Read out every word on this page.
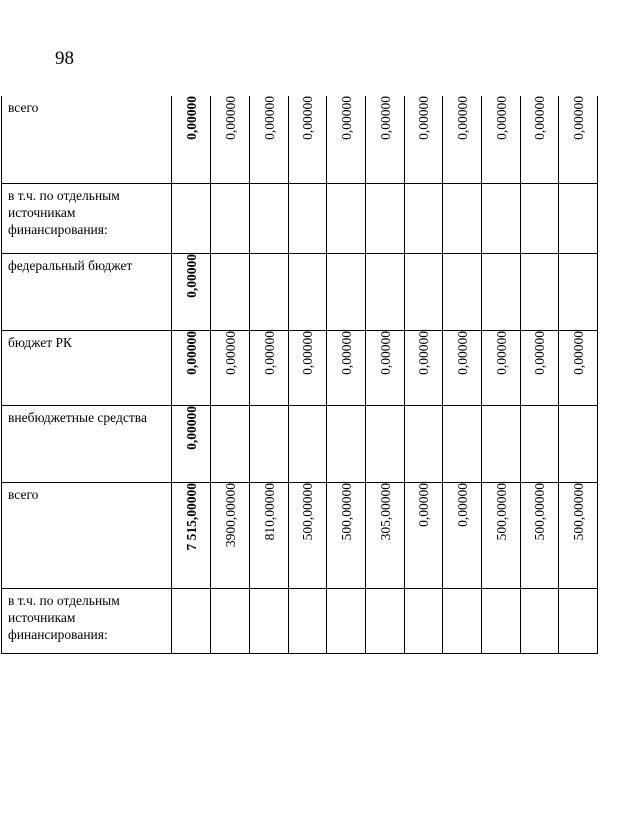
98
всего	0,00000	0,00000	0,00000	0,00000	0,00000	0,00000	0,00000	0,00000	0,00000	0,00000	0,00000

в т.ч. по отдельным источникам финансирования:	

федеральный бюджет	0,00000										

бюджет РК	0,00000	0,00000	0,00000	0,00000	0,00000	0,00000	0,00000	0,00000	0,00000	0,00000	0,00000

внебюджетные средства	0,00000										

всего	7 515,00000	3900,00000	810,00000	500,00000	500,00000	305,00000	0,00000	0,00000	500,00000	500,00000	500,00000

в т.ч. по отдельным источникам финансирования:	
